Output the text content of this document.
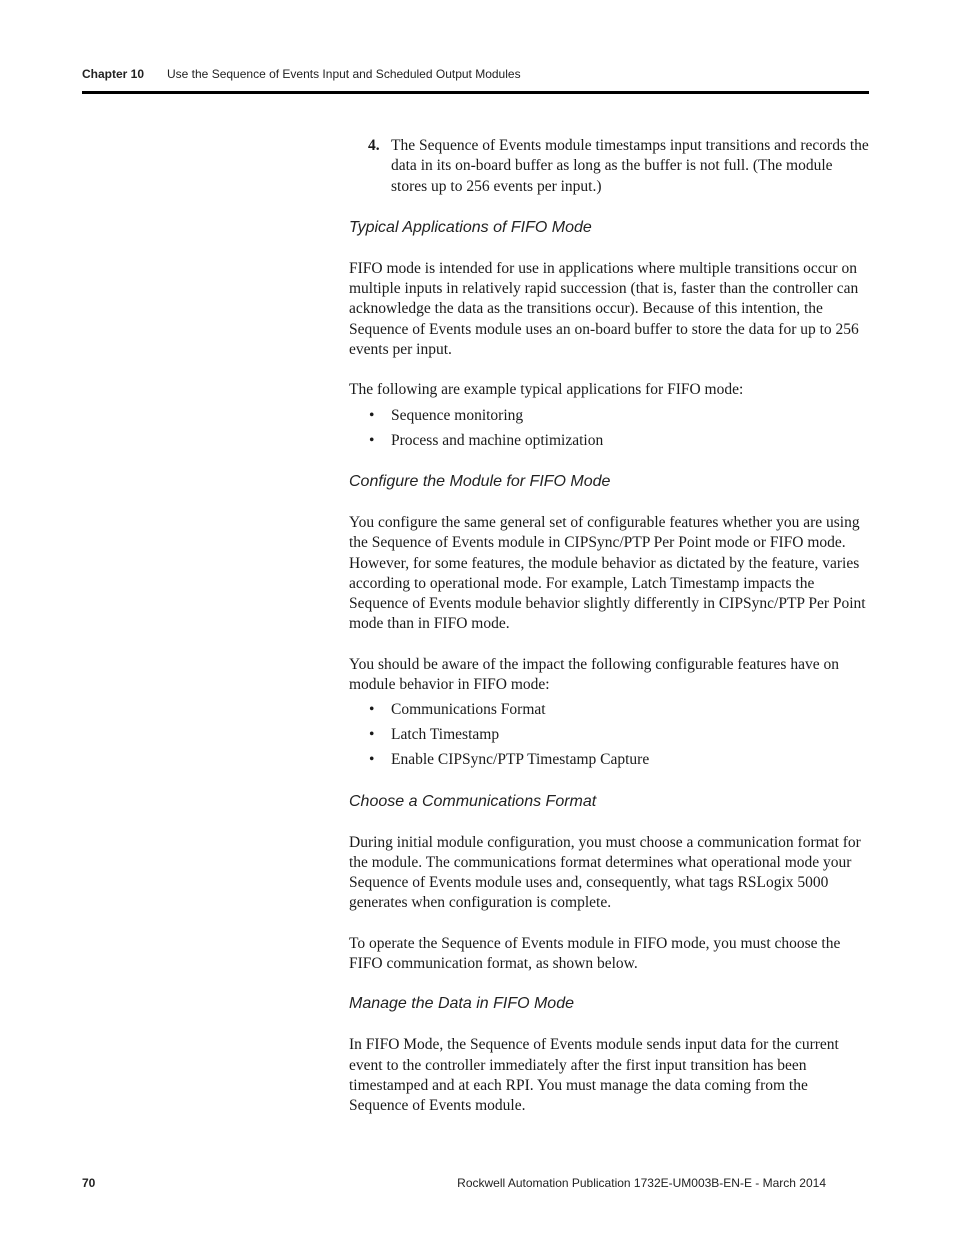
Chapter 10 Use the Sequence of Events Input and Scheduled Output Modules

4. The Sequence of Events module timestamps input transitions and records the data in its on-board buffer as long as the buffer is not full. (The module stores up to 256 events per input.)

Typical Applications of FIFO Mode

FIFO mode is intended for use in applications where multiple transitions occur on multiple inputs in relatively rapid succession (that is, faster than the controller can acknowledge the data as the transitions occur). Because of this intention, the Sequence of Events module uses an on-board buffer to store the data for up to 256 events per input.

The following are example typical applications for FIFO mode:

• Sequence monitoring
• Process and machine optimization

Configure the Module for FIFO Mode

You configure the same general set of configurable features whether you are using the Sequence of Events module in CIPSync/PTP Per Point mode or FIFO mode. However, for some features, the module behavior as dictated by the feature, varies according to operational mode. For example, Latch Timestamp impacts the Sequence of Events module behavior slightly differently in CIPSync/PTP Per Point mode than in FIFO mode.

You should be aware of the impact the following configurable features have on module behavior in FIFO mode:

• Communications Format
• Latch Timestamp
• Enable CIPSync/PTP Timestamp Capture

Choose a Communications Format

During initial module configuration, you must choose a communication format for the module. The communications format determines what operational mode your Sequence of Events module uses and, consequently, what tags RSLogix 5000 generates when configuration is complete.

To operate the Sequence of Events module in FIFO mode, you must choose the FIFO communication format, as shown below.

Manage the Data in FIFO Mode

In FIFO Mode, the Sequence of Events module sends input data for the current event to the controller immediately after the first input transition has been timestamped and at each RPI. You must manage the data coming from the Sequence of Events module.

70	Rockwell Automation Publication 1732E-UM003B-EN-E - March 2014
